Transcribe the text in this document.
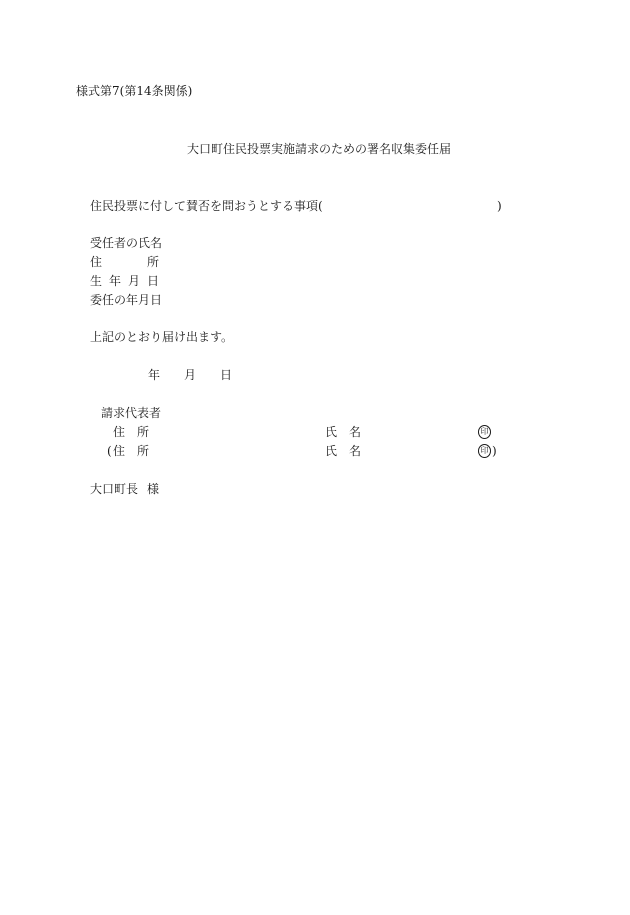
様式第7(第14条関係)
大口町住民投票実施請求のための署名収集委任届
住民投票に付して賛否を問おうとする事項(	)
受任者の氏名
住	所
生 年 月 日
委任の年月日
上記のとおり届け出ます。
年 月 日
請求代表者
住 所	氏 名	印
( 住 所	氏 名	印 )
大口町長 様
